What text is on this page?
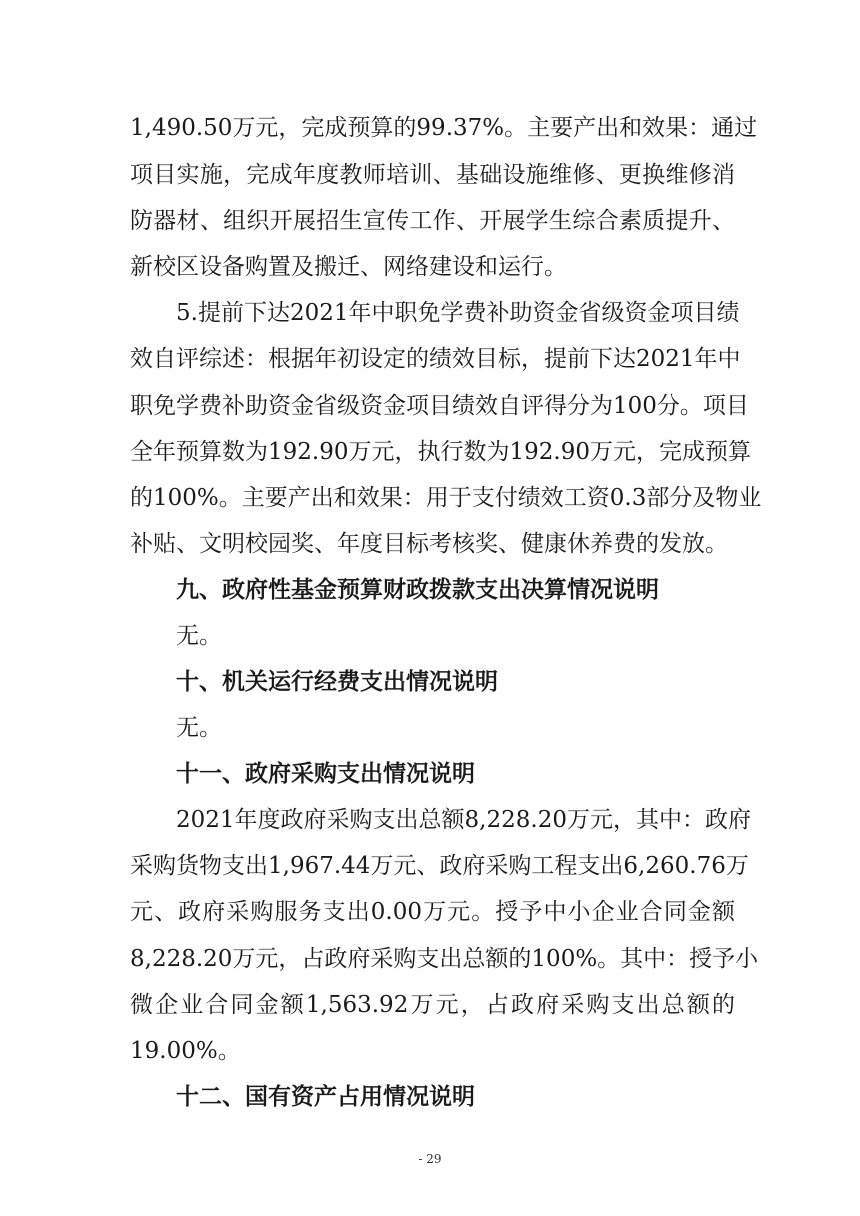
1,490.50万元，完成预算的99.37%。主要产出和效果：通过
项目实施，完成年度教师培训、基础设施维修、更换维修消
防器材、组织开展招生宣传工作、开展学生综合素质提升、
新校区设备购置及搬迁、网络建设和运行。
5.提前下达2021年中职免学费补助资金省级资金项目绩
效自评综述：根据年初设定的绩效目标，提前下达2021年中
职免学费补助资金省级资金项目绩效自评得分为100分。项目
全年预算数为192.90万元，执行数为192.90万元，完成预算
的100%。主要产出和效果：用于支付绩效工资0.3部分及物业
补贴、文明校园奖、年度目标考核奖、健康休养费的发放。
九、政府性基金预算财政拨款支出决算情况说明
无。
十、机关运行经费支出情况说明
无。
十一、政府采购支出情况说明
2021年度政府采购支出总额8,228.20万元，其中：政府
采购货物支出1,967.44万元、政府采购工程支出6,260.76万
元、政府采购服务支出0.00万元。授予中小企业合同金额
8,228.20万元，占政府采购支出总额的100%。其中：授予小
微企业合同金额1,563.92万元，占政府采购支出总额的
19.00%。
十二、国有资产占用情况说明
- 29
